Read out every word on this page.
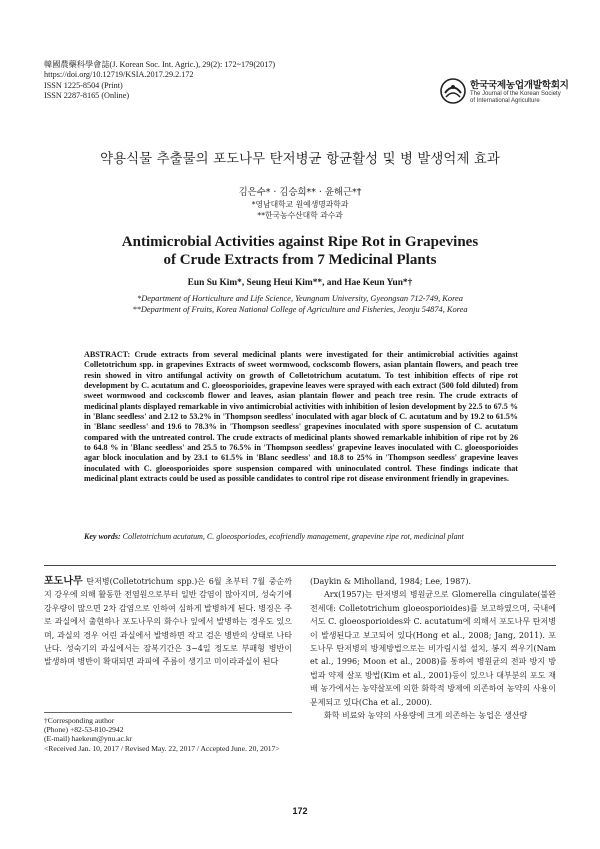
韓國農藥科學會誌(J. Korean Soc. Int. Agric.), 29(2): 172~179(2017)
https://doi.org/10.12719/KSIA.2017.29.2.172
ISSN 1225-8504 (Print)
ISSN 2287-8165 (Online)
한국국제농업개발학회지
The Journal of the Korean Society of International Agriculture
약용식물 추출물의 포도나무 탄저병균 항균활성 및 병 발생억제 효과
김은수* · 김승희** · 윤해근*†
*영남대학교 원예생명과학과
**한국농수산대학 과수과
Antimicrobial Activities against Ripe Rot in Grapevines
of Crude Extracts from 7 Medicinal Plants
Eun Su Kim*, Seung Heui Kim**, and Hae Keun Yun*†
*Department of Horticulture and Life Science, Yeungnam University, Gyeongsan 712-749, Korea
**Department of Fruits, Korea National College of Agriculture and Fisheries, Jeonju 54874, Korea
ABSTRACT: Crude extracts from several medicinal plants were investigated for their antimicrobial activities against Colletotrichum spp. in grapevines Extracts of sweet wormwood, cockscomb flowers, asian plantain flowers, and peach tree resin showed in vitro antifungal activity on growth of Colletotrichum acutatum. To test inhibition effects of ripe rot development by C. acutatum and C. gloeosporioides, grapevine leaves were sprayed with each extract (500 fold diluted) from sweet wormwood and cockscomb flower and leaves, asian plantain flower and peach tree resin. The crude extracts of medicinal plants displayed remarkable in vivo antimicrobial activities with inhibition of lesion development by 22.5 to 67.5 % in 'Blanc seedless' and 2.12 to 53.2% in 'Thompson seedless' inoculated with agar block of C. acutatum and by 19.2 to 61.5% in 'Blanc seedless' and 19.6 to 78.3% in 'Thompson seedless' grapevines inoculated with spore suspension of C. acutatum compared with the untreated control. The crude extracts of medicinal plants showed remarkable inhibition of ripe rot by 26 to 64.8 % in 'Blanc seedless' and 25.5 to 76.5% in 'Thompson seedless' grapevine leaves inoculated with C. gloeosporioides agar block inoculation and by 23.1 to 61.5% in 'Blanc seedless' and 18.8 to 25% in 'Thompson seedless' grapevine leaves inoculated with C. gloeosporioides spore suspension compared with uninoculated control. These findings indicate that medicinal plant extracts could be used as possible candidates to control ripe rot disease environment friendly in grapevines.
Key words: Colletotrichum acutatum, C. gloeosporiodes, ecofriendly management, grapevine ripe rot, medicinal plant
포도나무 탄저병(Colletotrichum spp.)은 6월 초부터 7월 중순까지 강우에 의해 활동한 전염원으로부터 일반 감염이 많아지며, 성숙기에 강우량이 많으면 2차 감염으로 인하여 심하게 발병하게 된다. 병징은 주로 과실에서 출현하나 포도나무의 화수나 잎에서 발병하는 경우도 있으며, 과실의 경우 어린 과실에서 발병하면 작고 검은 병반의 상태로 나타난다. 성숙기의 과실에서는 잠복기간은 3~4일 정도로 부패형 병반이 발생하며 병반이 확대되면 과피에 주름이 생기고 미이라과실이 된다

(Daykin & Miholland, 1984; Lee, 1987).

Arx(1957)는 탄저병의 병원균으로 Glomerella cingulate(불완전세대: Colletotrichum gloeosporioides)를 보고하였으며, 국내에서도 C. gloeosporioides와 C. acutatum에 의해서 포도나무 탄저병이 발생된다고 보고되어 있다(Hong et al., 2008; Jang, 2011). 포도나무 탄저병의 방제방법으로는 비가림시설 설치, 봉지 씌우기(Nam et al., 1996; Moon et al., 2008)를 통하여 병원균의 전파 방지 방법과 약제 살포 방법(Kim et al., 2001)등이 있으나 대부분의 포도 재배 농가에서는 농약살포에 의한 화학적 방제에 의존하여 농약의 사용이 문제되고 있다(Cha et al., 2000).

화학 비료와 농약의 사용량에 크게 의존하는 농업은 생산량

†Corresponding author
(Phone) +82-53-810-2942
(E-mail) haekeun@ynu.ac.kr
<Received Jan. 10, 2017 / Revised May. 22, 2017 / Accepted June. 20, 2017>
172
